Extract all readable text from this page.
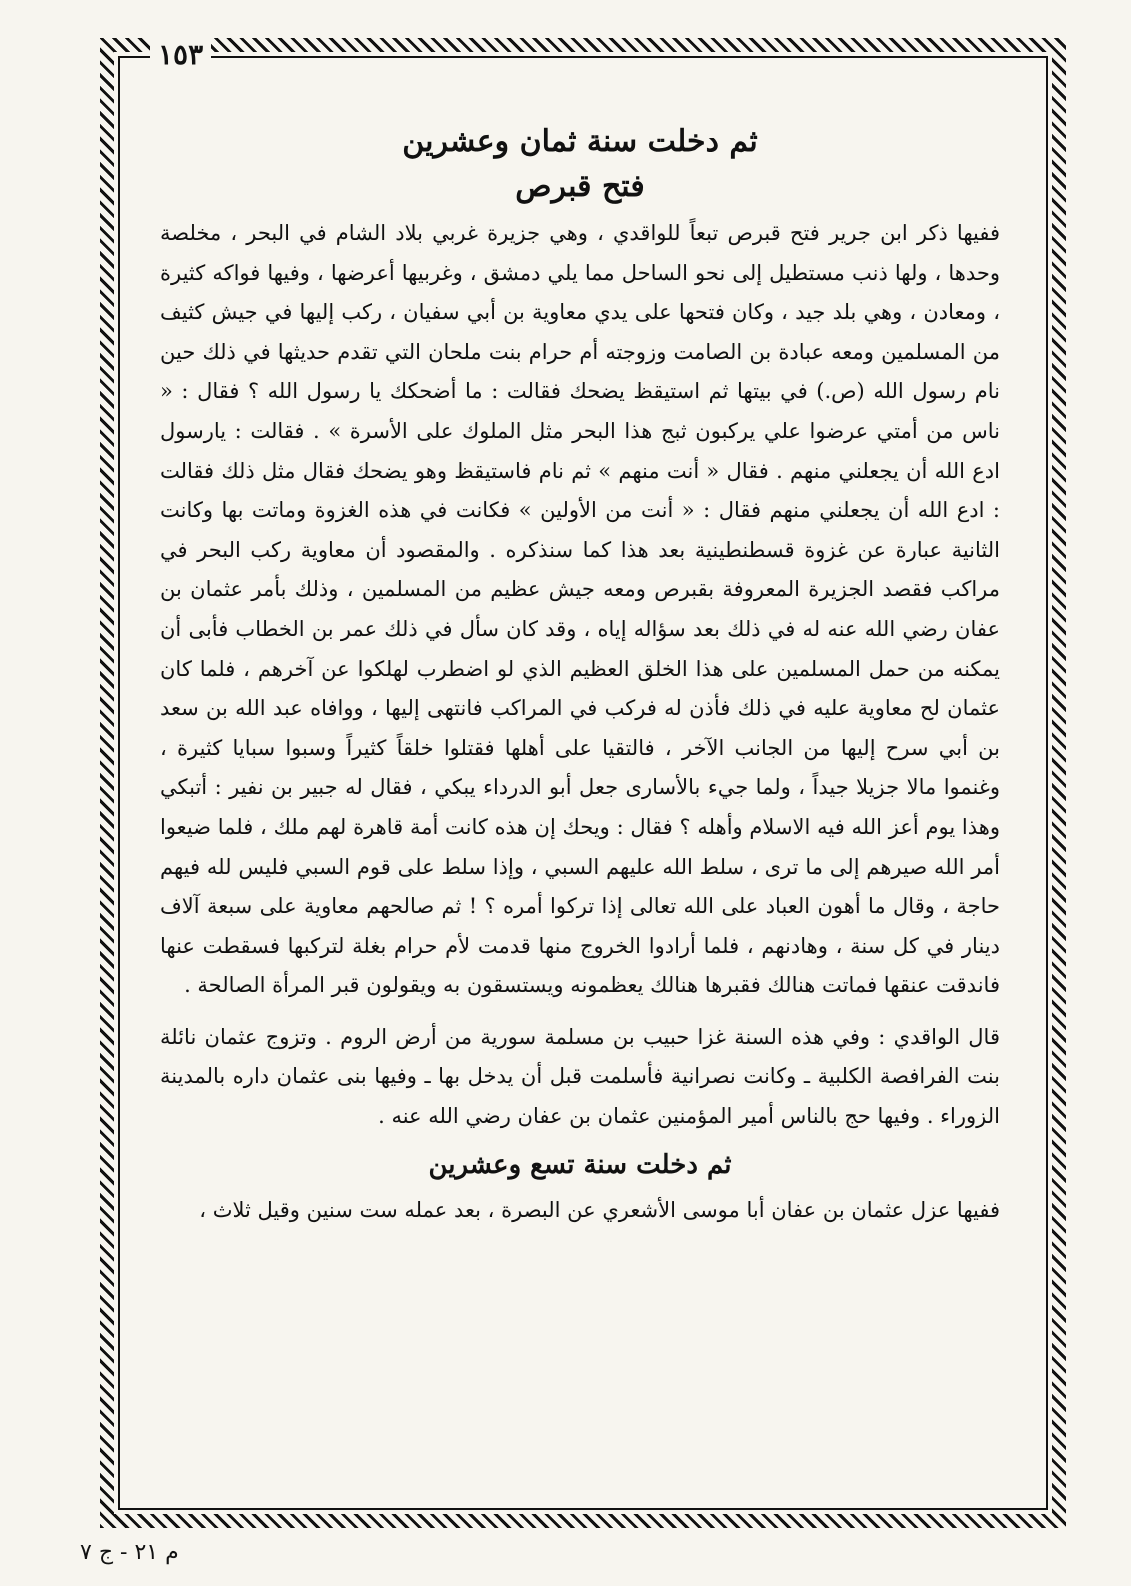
١٥٣
ثم دخلت سنة ثمان وعشرين
فتح قبرص

ففيها ذكر ابن جرير فتح قبرص تبعاً للواقدي ، وهي جزيرة غربي بلاد الشام في البحر ، مخلصة وحدها ، ولها ذنب مستطيل إلى نحو الساحل مما يلي دمشق ، وغربيها أعرضها ، وفيها فواكه كثيرة ، ومعادن ، وهي بلد جيد ، وكان فتحها على يدي معاوية بن أبي سفيان ، ركب إليها في جيش كثيف من المسلمين ومعه عبادة بن الصامت وزوجته أم حرام بنت ملحان التي تقدم حديثها في ذلك حين نام رسول الله (ص.) في بيتها ثم استيقظ يضحك فقالت : ما أضحكك يا رسول الله ؟ فقال : « ناس من أمتي عرضوا علي يركبون ثبج هذا البحر مثل الملوك على الأسرة » . فقالت : يارسول ادع الله أن يجعلني منهم . فقال « أنت منهم » ثم نام فاستيقظ وهو يضحك فقال مثل ذلك فقالت : ادع الله أن يجعلني منهم فقال : « أنت من الأولين » فكانت في هذه الغزوة وماتت بها وكانت الثانية عبارة عن غزوة قسطنطينية بعد هذا كما سنذكره . والمقصود أن معاوية ركب البحر في مراكب فقصد الجزيرة المعروفة بقبرص ومعه جيش عظيم من المسلمين ، وذلك بأمر عثمان بن عفان رضي الله عنه له في ذلك بعد سؤاله إياه ، وقد كان سأل في ذلك عمر بن الخطاب فأبى أن يمكنه من حمل المسلمين على هذا الخلق العظيم الذي لو اضطرب لهلكوا عن آخرهم ، فلما كان عثمان لح معاوية عليه في ذلك فأذن له فركب في المراكب فانتهى إليها ، ووافاه عبد الله بن سعد بن أبي سرح إليها من الجانب الآخر ، فالتقيا على أهلها فقتلوا خلقاً كثيراً وسبوا سبايا كثيرة ، وغنموا مالا جزيلا جيداً ، ولما جيء بالأسارى جعل أبو الدرداء يبكي ، فقال له جبير بن نفير : أتبكي وهذا يوم أعز الله فيه الاسلام وأهله ؟ فقال : ويحك إن هذه كانت أمة قاهرة لهم ملك ، فلما ضيعوا أمر الله صيرهم إلى ما ترى ، سلط الله عليهم السبي ، وإذا سلط على قوم السبي فليس لله فيهم حاجة ، وقال ما أهون العباد على الله تعالى إذا تركوا أمره ؟ ! ثم صالحهم معاوية على سبعة آلاف دينار في كل سنة ، وهادنهم ، فلما أرادوا الخروج منها قدمت لأم حرام بغلة لتركبها فسقطت عنها فاندقت عنقها فماتت هنالك فقبرها هنالك يعظمونه ويستسقون به ويقولون قبر المرأة الصالحة .

قال الواقدي : وفي هذه السنة غزا حبيب بن مسلمة سورية من أرض الروم . وتزوج عثمان نائلة بنت الفرافصة الكلبية ـ وكانت نصرانية فأسلمت قبل أن يدخل بها ـ وفيها بنى عثمان داره بالمدينة الزوراء . وفيها حج بالناس أمير المؤمنين عثمان بن عفان رضي الله عنه .

ثم دخلت سنة تسع وعشرين

ففيها عزل عثمان بن عفان أبا موسى الأشعري عن البصرة ، بعد عمله ست سنين وقيل ثلاث ،

م ٢١ - ج ٧
